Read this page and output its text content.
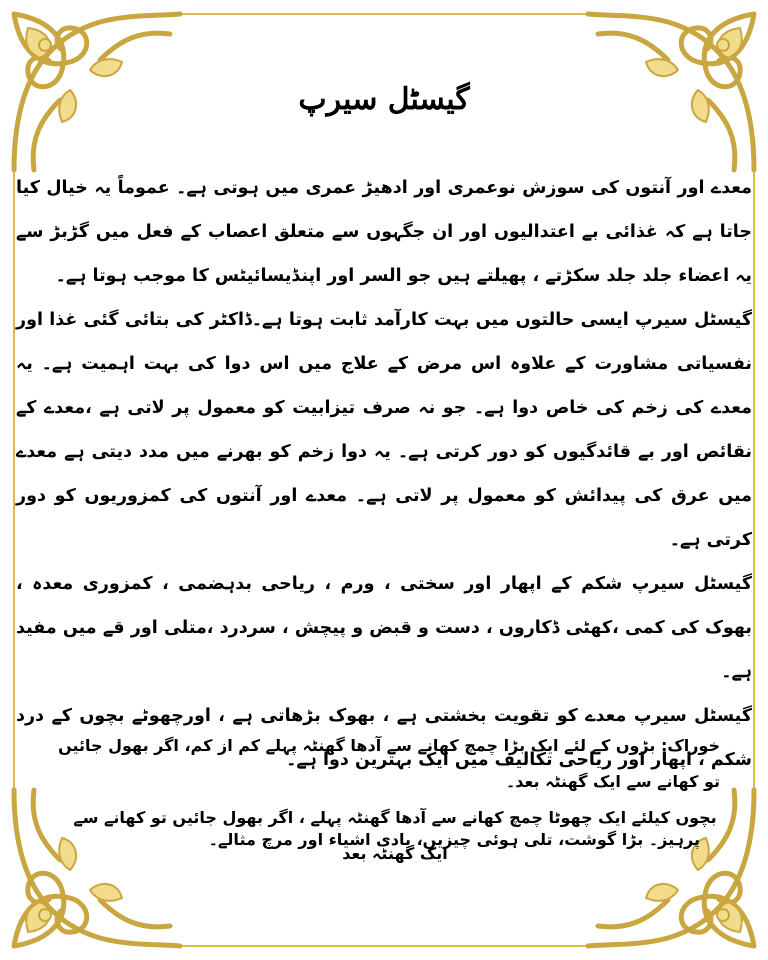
گیسٹل سیرپ

معدے اور آنتوں کی سوزش نوعمری اور ادھیڑ عمری میں ہوتی ہے۔ عموماً یہ خیال کیا جاتا ہے کہ غذائی بے اعتدالیوں اور ان جگہوں سے متعلق اعصاب کے فعل میں گڑبڑ سے یہ اعضاء جلد جلد سکڑتے ، پھیلتے ہیں جو السر اور اپنڈیسائیٹس کا موجب ہوتا ہے۔

گیسٹل سیرپ ایسی حالتوں میں بہت کارآمد ثابت ہوتا ہے۔ڈاکٹر کی بتائی گئی غذا اور نفسیاتی مشاورت کے علاوہ اس مرض کے علاج میں اس دوا کی بہت اہمیت ہے۔ یہ معدے کی زخم کی خاص دوا ہے۔ جو نہ صرف تیزابیت کو معمول پر لاتی ہے ،معدے کے نقائص اور بے قائدگیوں کو دور کرتی ہے۔ یہ دوا زخم کو بھرنے میں مدد دیتی ہے معدے میں عرق کی پیدائش کو معمول پر لاتی ہے۔ معدے اور آنتوں کی کمزوریوں کو دور کرتی ہے۔

گیسٹل سیرپ شکم کے اپھار اور سختی ، ورم ، ریاحی بدہضمی ، کمزوری معدہ ، بھوک کی کمی ،کھٹی ڈکاروں ، دست و قبض و پیچش ، سردرد ،متلی اور قے میں مفید ہے۔

گیسٹل سیرپ معدے کو تقویت بخشتی ہے ، بھوک بڑھاتی ہے ، اورچھوٹے بچوں کے درد شکم ، اپھار اور ریاحی تکالیف میں ایک بہترین دوا ہے۔

خوراک: بڑوں کے لئے ایک بڑا چمچ کھانے سے آدھا گھنٹہ پہلے کم از کم، اگر بھول جائیں تو کھانے سے ایک گھنٹہ بعد۔
بچوں کیلئے ایک چھوٹا چمچ کھانے سے آدھا گھنٹہ پہلے ، اگر بھول جائیں تو کھانے سے ایک گھنٹہ بعد
پرہیز۔ بڑا گوشت، تلی ہوئی چیزیں، بادی اشیاء اور مرچ مثالے۔
